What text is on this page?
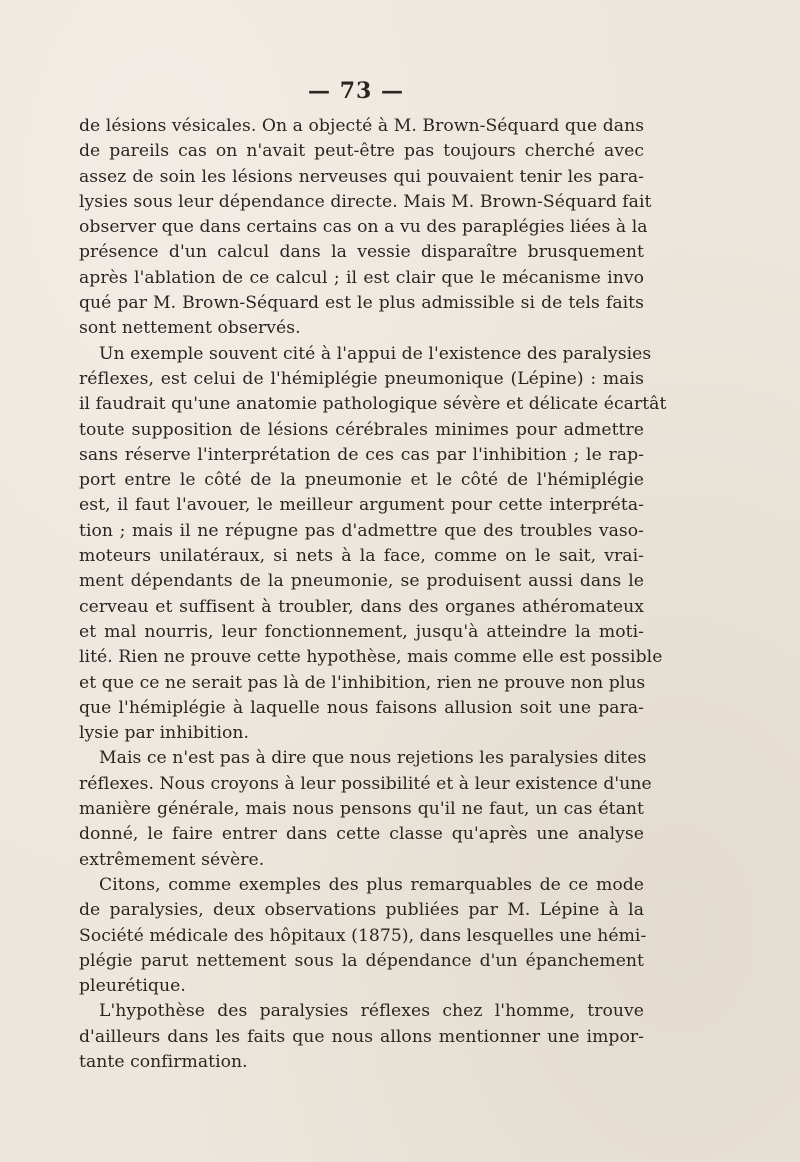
— 73 —
de lésions vésicales. On a objecté à M. Brown-Séquard que dans
de pareils cas on n'avait peut-être pas toujours cherché avec
assez de soin les lésions nerveuses qui pouvaient tenir les para-
lysies sous leur dépendance directe. Mais M. Brown-Séquard fait
observer que dans certains cas on a vu des paraplégies liées à la
présence d'un calcul dans la vessie disparaître brusquement
après l'ablation de ce calcul ; il est clair que le mécanisme invo
qué par M. Brown-Séquard est le plus admissible si de tels faits
sont nettement observés.
Un exemple souvent cité à l'appui de l'existence des paralysies
réflexes, est celui de l'hémiplégie pneumonique (Lépine) : mais
il faudrait qu'une anatomie pathologique sévère et délicate écartât
toute supposition de lésions cérébrales minimes pour admettre
sans réserve l'interprétation de ces cas par l'inhibition ; le rap-
port entre le côté de la pneumonie et le côté de l'hémiplégie
est, il faut l'avouer, le meilleur argument pour cette interpréta-
tion ; mais il ne répugne pas d'admettre que des troubles vaso-
moteurs unilatéraux, si nets à la face, comme on le sait, vrai-
ment dépendants de la pneumonie, se produisent aussi dans le
cerveau et suffisent à troubler, dans des organes athéromateux
et mal nourris, leur fonctionnement, jusqu'à atteindre la moti-
lité. Rien ne prouve cette hypothèse, mais comme elle est possible
et que ce ne serait pas là de l'inhibition, rien ne prouve non plus
que l'hémiplégie à laquelle nous faisons allusion soit une para-
lysie par inhibition.
Mais ce n'est pas à dire que nous rejetions les paralysies dites
réflexes. Nous croyons à leur possibilité et à leur existence d'une
manière générale, mais nous pensons qu'il ne faut, un cas étant
donné, le faire entrer dans cette classe qu'après une analyse
extrêmement sévère.
Citons, comme exemples des plus remarquables de ce mode
de paralysies, deux observations publiées par M. Lépine à la
Société médicale des hôpitaux (1875), dans lesquelles une hémi-
plégie parut nettement sous la dépendance d'un épanchement
pleurétique.
L'hypothèse des paralysies réflexes chez l'homme, trouve
d'ailleurs dans les faits que nous allons mentionner une impor-
tante confirmation.
